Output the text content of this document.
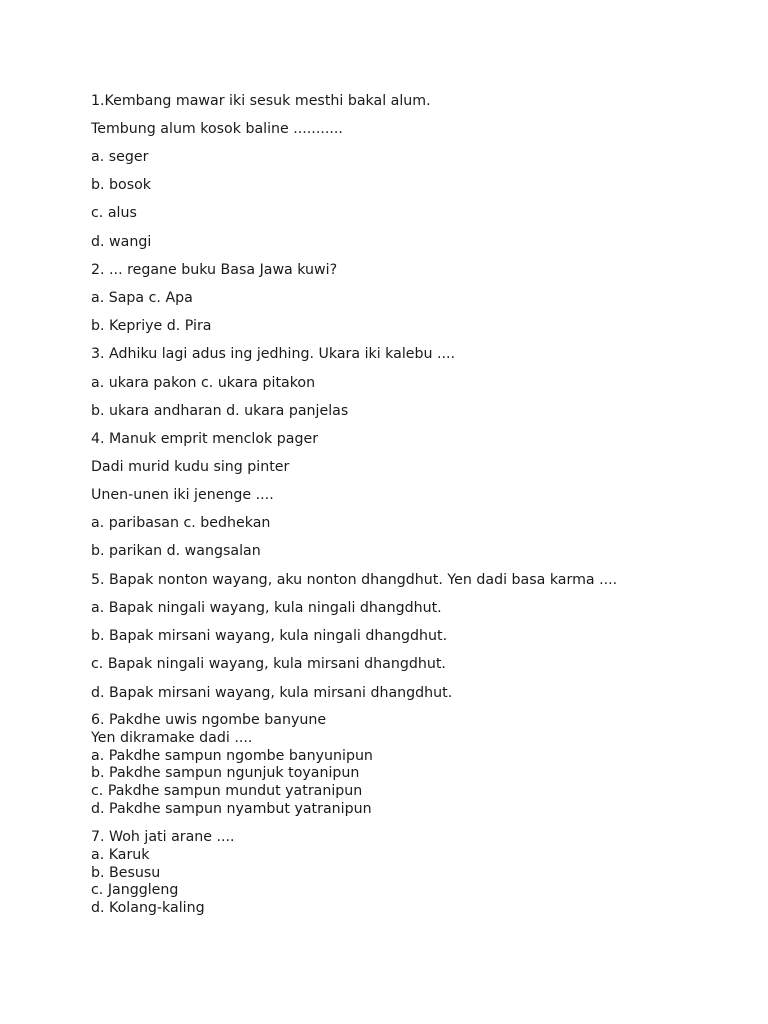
1.Kembang mawar iki sesuk mesthi bakal alum.
Tembung alum kosok baline ...........
a. seger
b. bosok
c. alus
d. wangi
2. ... regane buku Basa Jawa kuwi?
a. Sapa c. Apa
b. Kepriye d. Pira
3. Adhiku lagi adus ing jedhing. Ukara iki kalebu ....
a. ukara pakon c. ukara pitakon
b. ukara andharan d. ukara panjelas
4. Manuk emprit menclok pager
Dadi murid kudu sing pinter
Unen-unen iki jenenge ....
a. paribasan c. bedhekan
b. parikan d. wangsalan
5. Bapak nonton wayang, aku nonton dhangdhut. Yen dadi basa karma ....
a. Bapak ningali wayang, kula ningali dhangdhut.
b. Bapak mirsani wayang, kula ningali dhangdhut.
c. Bapak ningali wayang, kula mirsani dhangdhut.
d. Bapak mirsani wayang, kula mirsani dhangdhut.
6. Pakdhe uwis ngombe banyune
Yen dikramake dadi ....
a. Pakdhe sampun ngombe banyunipun
b. Pakdhe sampun ngunjuk toyanipun
c. Pakdhe sampun mundut yatranipun
d. Pakdhe sampun nyambut yatranipun
7. Woh jati arane ....
a. Karuk
b. Besusu
c. Janggleng
d. Kolang-kaling
